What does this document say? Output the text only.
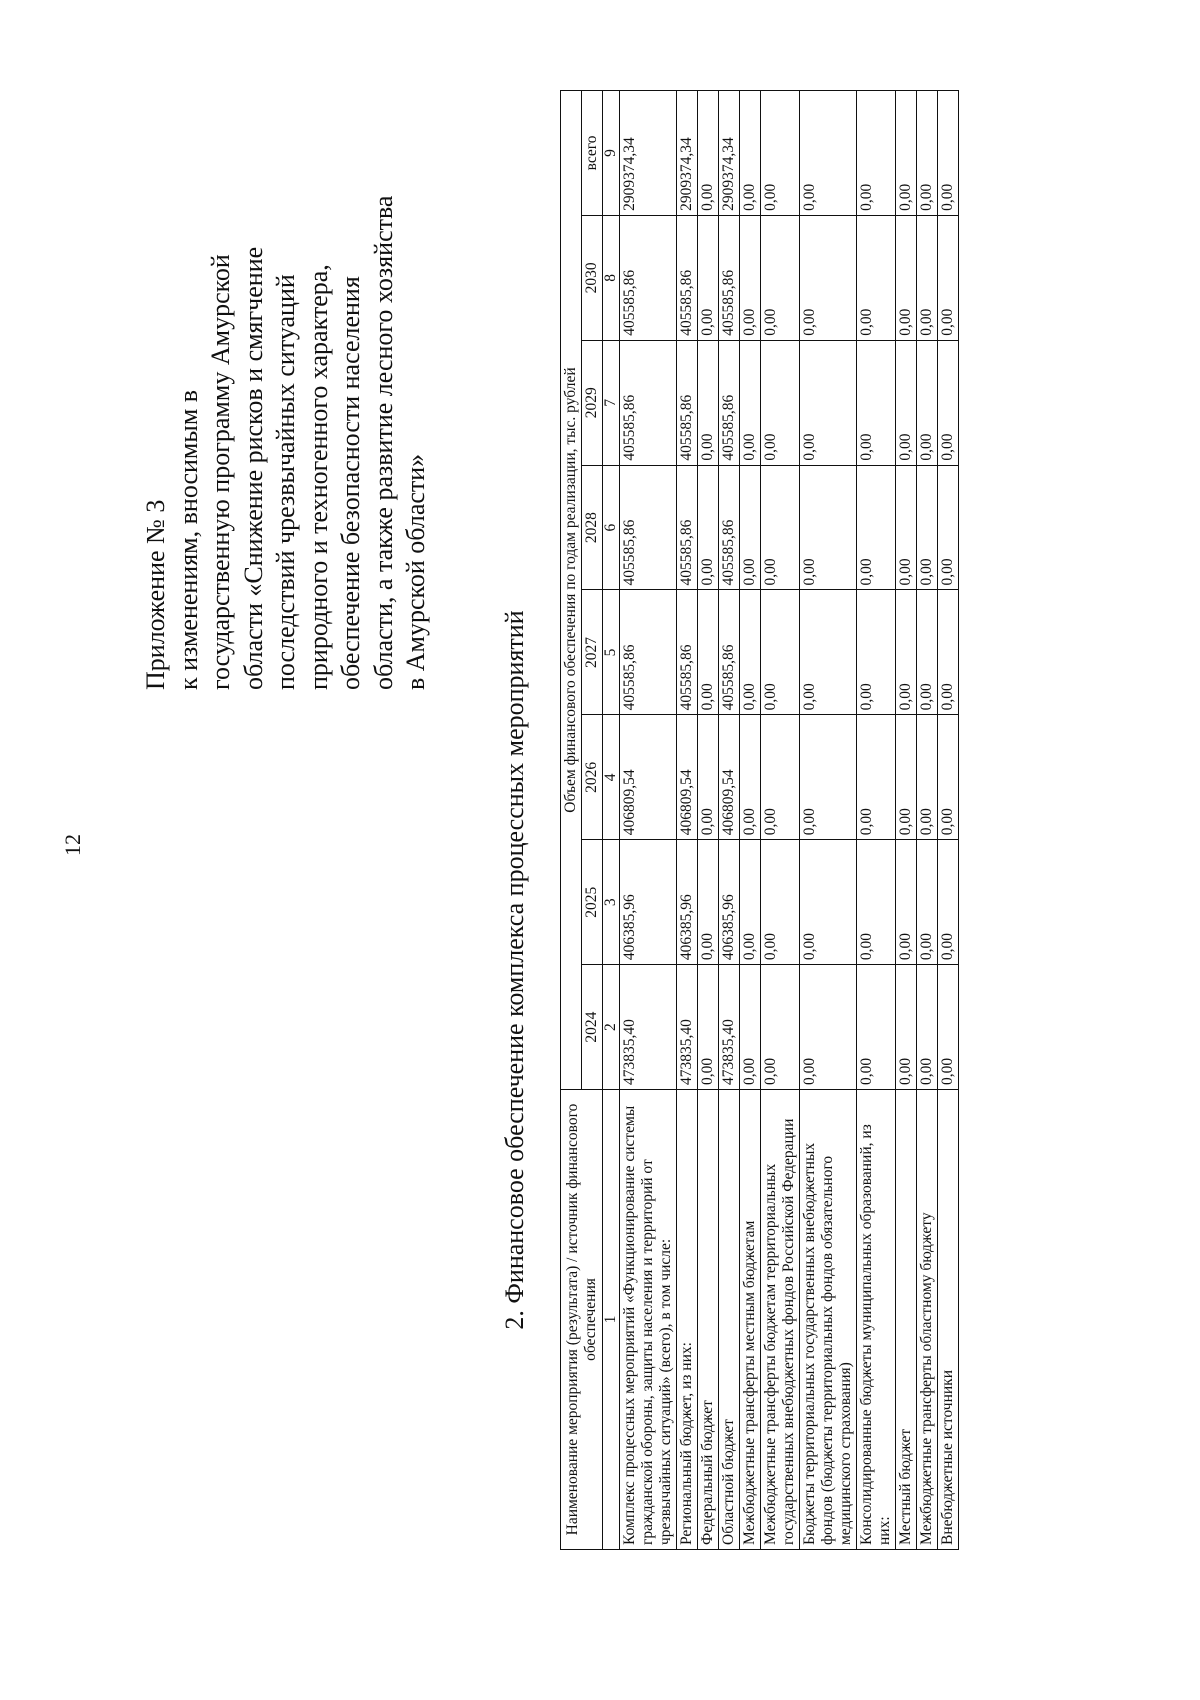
12
Приложение № 3 к изменениям, вносимым в государственную программу Амурской области «Снижение рисков и смягчение последствий чрезвычайных ситуаций природного и техногенного характера, обеспечение безопасности населения области, а также развитие лесного хозяйства в Амурской области»
2. Финансовое обеспечение комплекса процессных мероприятий Наименование мероприятия (результата) / источник финансового обеспечения	Объем финансового обеспечения по годам реализации, тыс. рублей							
	2024	2025	2026	2027	2028	2029	2030	всего
1	2	3	4	5	6	7	8	9
Комплекс процессных мероприятий «Функционирование системы гражданской обороны, защиты населения и территорий от чрезвычайных ситуаций» (всего), в том числе:	473835,40	406385,96	406809,54	405585,86	405585,86	405585,86	405585,86	2909374,34
Региональный бюджет, из них:	473835,40	406385,96	406809,54	405585,86	405585,86	405585,86	405585,86	2909374,34
Федеральный бюджет	0,00	0,00	0,00	0,00	0,00	0,00	0,00	0,00
Областной бюджет	473835,40	406385,96	406809,54	405585,86	405585,86	405585,86	405585,86	2909374,34
Межбюджетные трансферты местным бюджетам	0,00	0,00	0,00	0,00	0,00	0,00	0,00	0,00
Межбюджетные трансферты бюджетам территориальных государственных внебюджетных фондов Российской Федерации	0,00	0,00	0,00	0,00	0,00	0,00	0,00	0,00
Бюджеты территориальных государственных внебюджетных фондов (бюджеты территориальных фондов обязательного медицинского страхования)	0,00	0,00	0,00	0,00	0,00	0,00	0,00	0,00
Консолидированные бюджеты муниципальных образований, из них:	0,00	0,00	0,00	0,00	0,00	0,00	0,00	0,00
Местный бюджет	0,00	0,00	0,00	0,00	0,00	0,00	0,00	0,00
Межбюджетные трансферты областному бюджету	0,00	0,00	0,00	0,00	0,00	0,00	0,00	0,00
Внебюджетные источники	0,00	0,00	0,00	0,00	0,00	0,00	0,00	0,00
